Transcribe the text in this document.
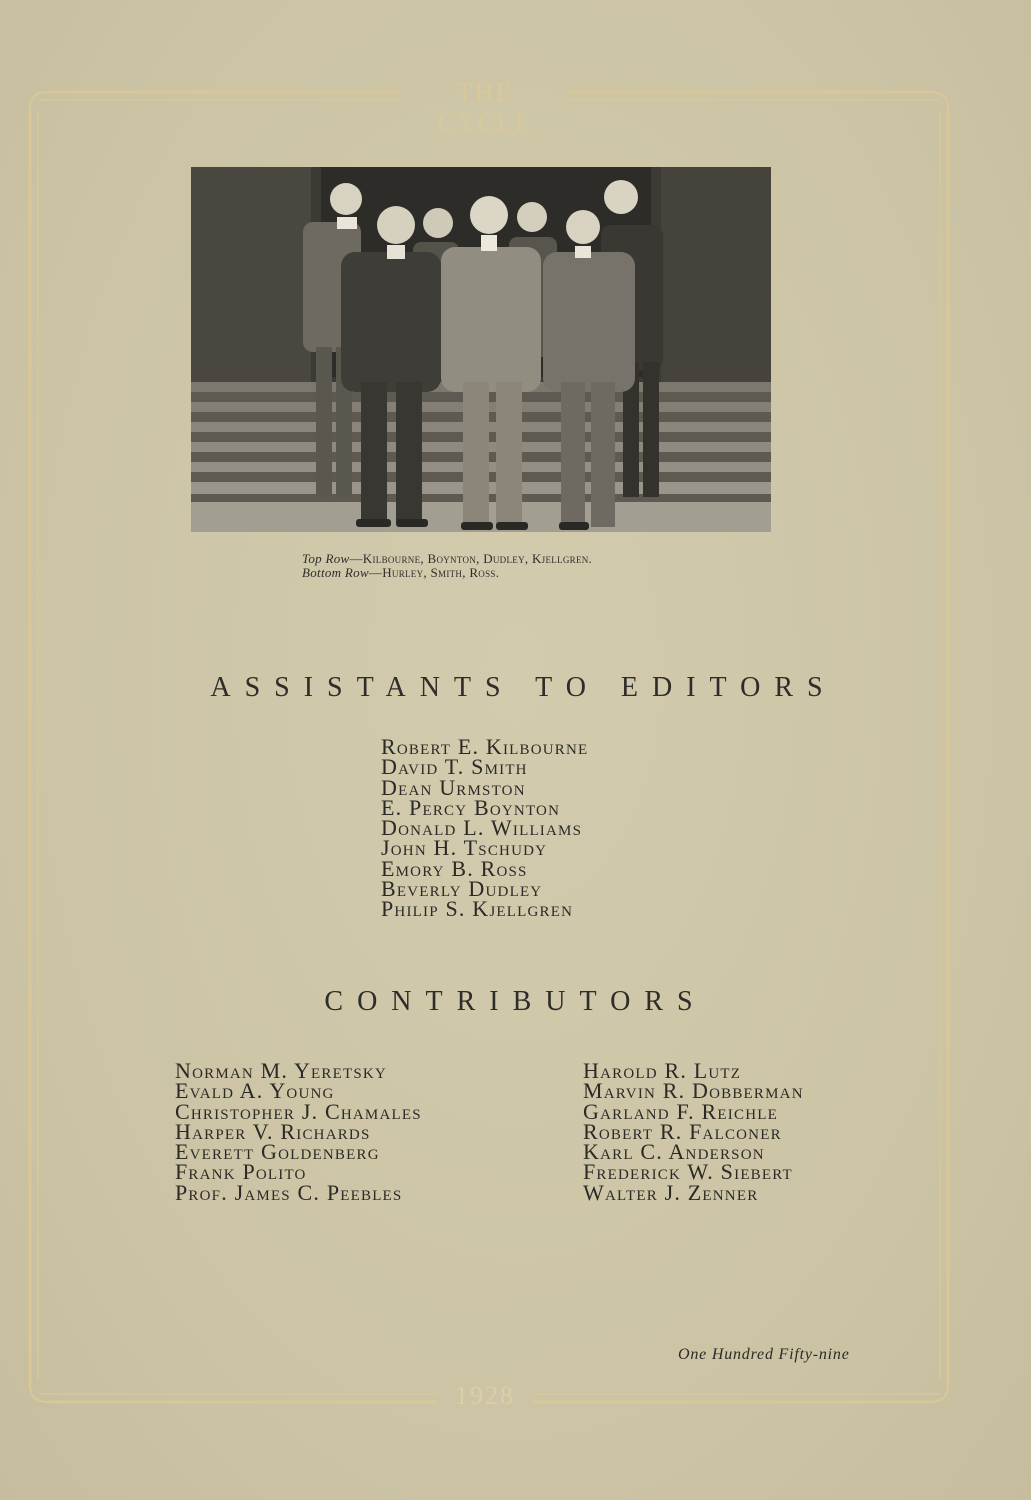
THE CYCLE
Top Row—Kilbourne, Boynton, Dudley, Kjellgren.
Bottom Row—Hurley, Smith, Ross.
ASSISTANTS TO EDITORS
Robert E. Kilbourne
David T. Smith
Dean Urmston
E. Percy Boynton
Donald L. Williams
John H. Tschudy
Emory B. Ross
Beverly Dudley
Philip S. Kjellgren
CONTRIBUTORS
Norman M. Yeretsky
Evald A. Young
Christopher J. Chamales
Harper V. Richards
Everett Goldenberg
Frank Polito
Prof. James C. Peebles
Harold R. Lutz
Marvin R. Dobberman
Garland F. Reichle
Robert R. Falconer
Karl C. Anderson
Frederick W. Siebert
Walter J. Zenner
One Hundred Fifty-nine
1928
